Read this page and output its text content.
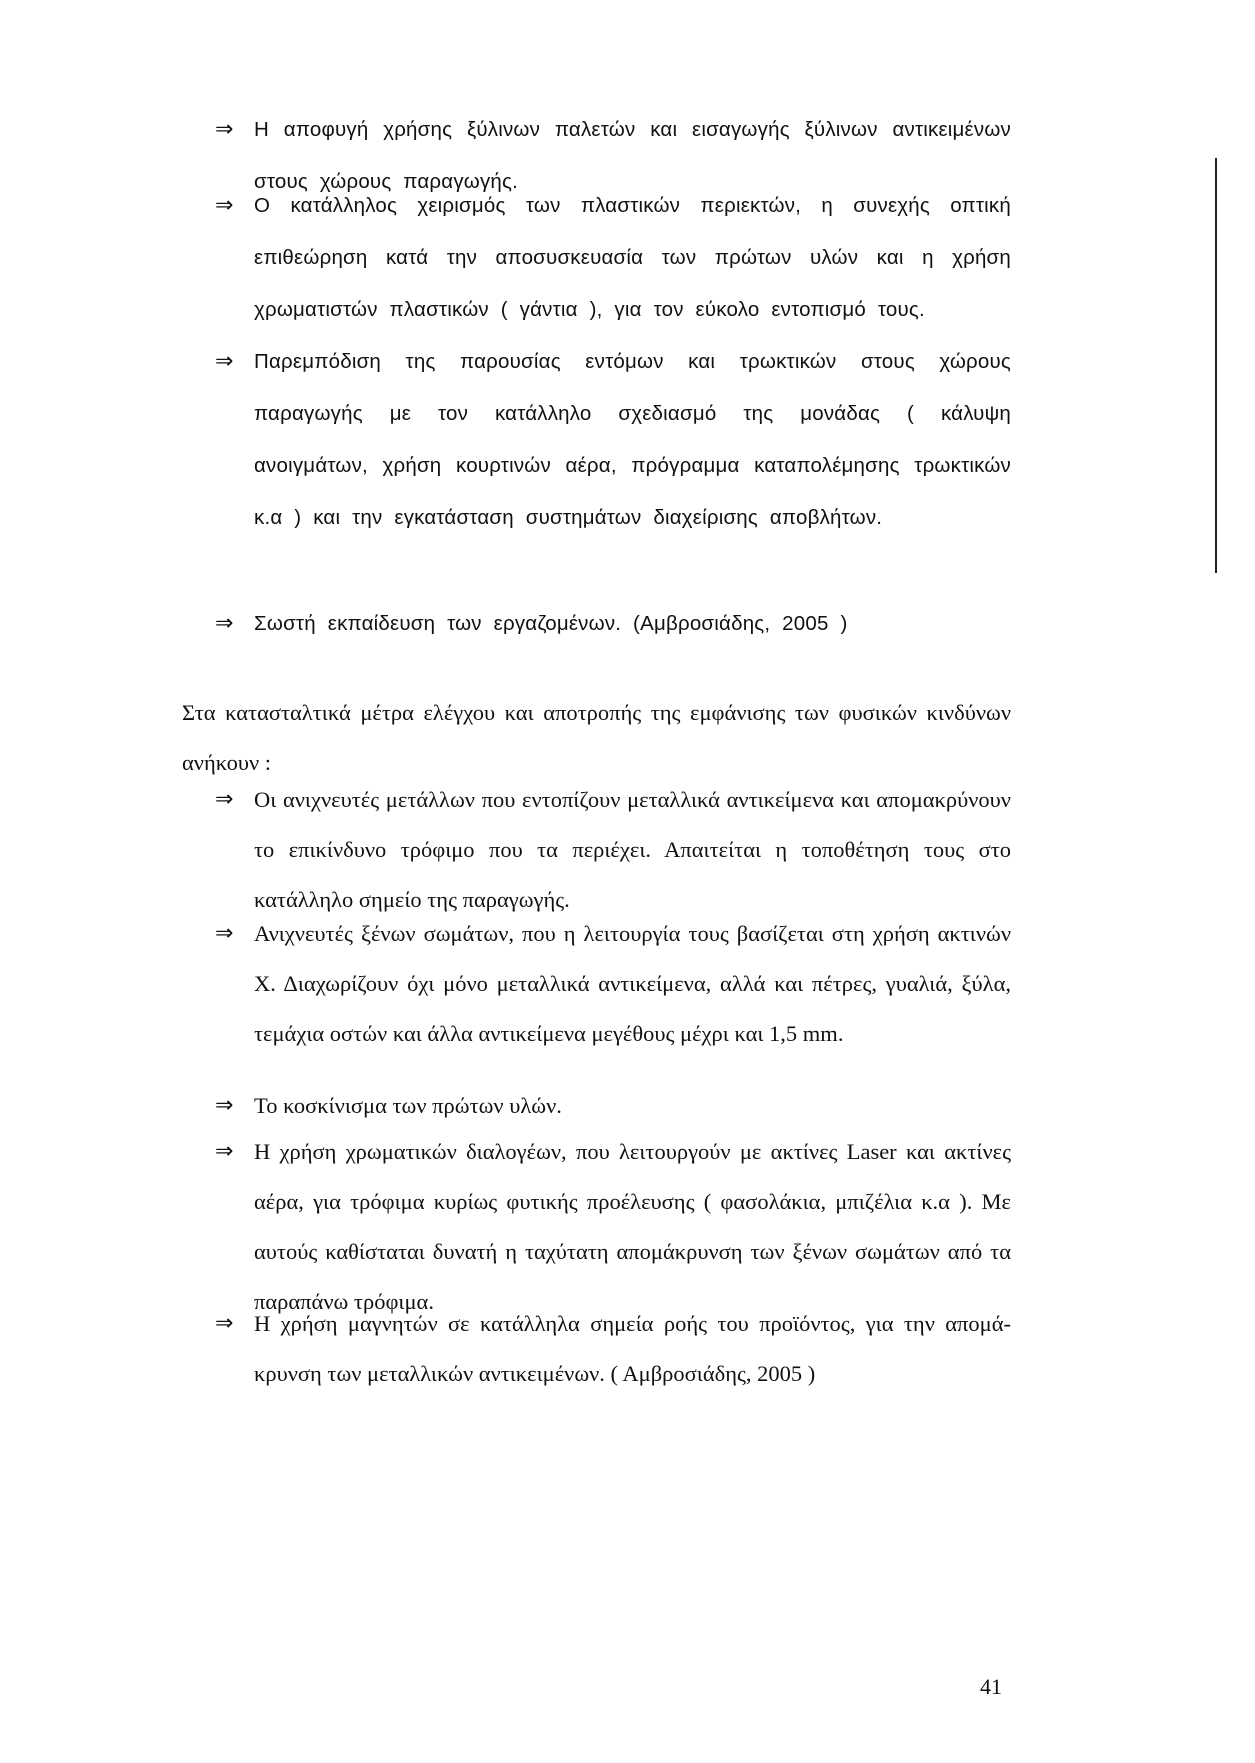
⇒	Η αποφυγή χρήσης ξύλινων παλετών και εισαγωγής ξύλινων αντικειμένων στους χώρους παραγωγής.
⇒	Ο κατάλληλος χειρισμός των πλαστικών περιεκτών, η συνεχής οπτική επιθεώρηση κατά την αποσυσκευασία των πρώτων υλών και η χρήση χρωματιστών πλαστικών ( γάντια ), για τον εύκολο εντοπισμό τους.
⇒	Παρεμπόδιση της παρουσίας εντόμων και τρωκτικών στους χώρους παραγωγής με τον κατάλληλο σχεδιασμό της μονάδας ( κάλυψη ανοιγμάτων, χρήση κουρτινών αέρα, πρόγραμμα καταπολέμησης τρωκτικών κ.α ) και την εγκατάσταση συστημάτων διαχείρισης αποβλήτων.
⇒	Σωστή εκπαίδευση των εργαζομένων. (Αμβροσιάδης, 2005 )
Στα κατασταλτικά μέτρα ελέγχου και αποτροπής της εμφάνισης των φυσικών κινδύνων ανήκουν :
⇒ Οι ανιχνευτές μετάλλων που εντοπίζουν μεταλλικά αντικείμενα και απομακρύνουν το επικίνδυνο τρόφιμο που τα περιέχει. Απαιτείται η τοποθέτηση τους στο κατάλληλο σημείο της παραγωγής.
⇒ Ανιχνευτές ξένων σωμάτων, που η λειτουργία τους βασίζεται στη χρήση ακτινών Χ. Διαχωρίζουν όχι μόνο μεταλλικά αντικείμενα, αλλά και πέτρες, γυαλιά, ξύλα, τεμάχια οστών και άλλα αντικείμενα μεγέθους μέχρι και 1,5 mm.
⇒ Το κοσκίνισμα των πρώτων υλών.
⇒ Η χρήση χρωματικών διαλογέων, που λειτουργούν με ακτίνες Laser και ακτίνες αέρα, για τρόφιμα κυρίως φυτικής προέλευσης ( φασολάκια, μπιζέλια κ.α ). Με αυτούς καθίσταται δυνατή η ταχύτατη απομάκρυνση των ξένων σωμάτων από τα παραπάνω τρόφιμα.
⇒ Η χρήση μαγνητών σε κατάλληλα σημεία ροής του προϊόντος, για την απομά- κρυνση των μεταλλικών αντικειμένων. ( Αμβροσιάδης, 2005 )
41
